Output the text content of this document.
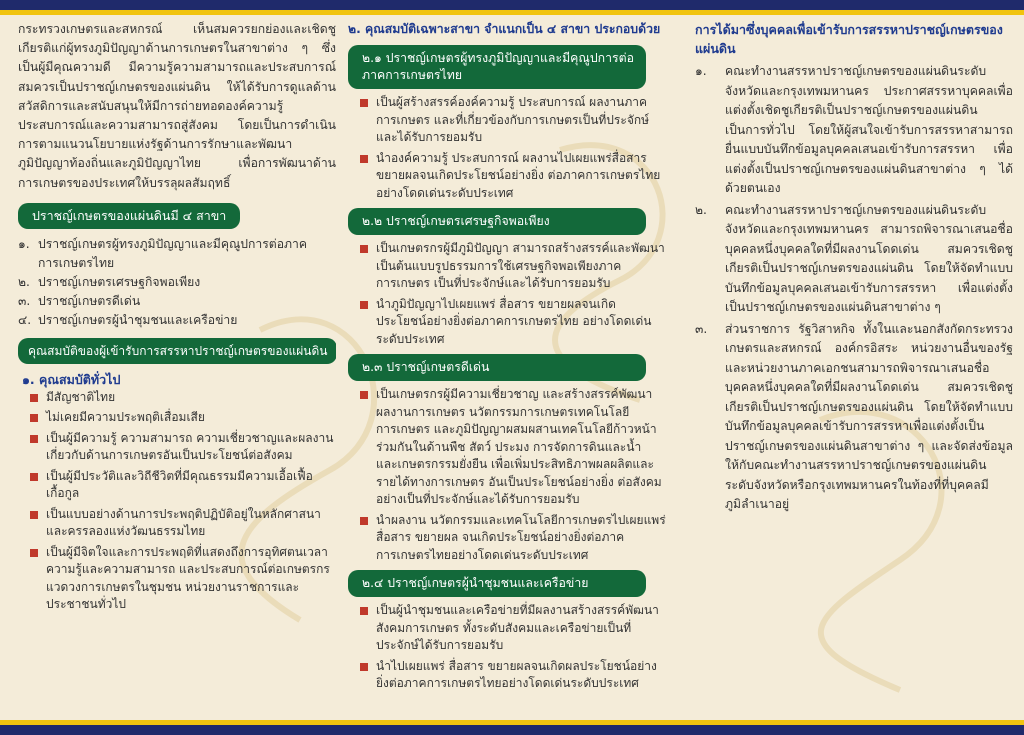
กระทรวงเกษตรและสหกรณ์ เห็นสมควรยกย่องและเชิดชูเกียรติแก่ผู้ทรงภูมิปัญญาด้านการเกษตรในสาขาต่าง ๆ ซึ่งเป็นผู้มีคุณความดี มีความรู้ความสามารถและประสบการณ์สมควรเป็นปราชญ์เกษตรของแผ่นดิน ให้ได้รับการดูแลด้านสวัสดิการและสนับสนุนให้มีการถ่ายทอดองค์ความรู้ ประสบการณ์และความสามารถสู่สังคม โดยเป็นการดำเนินการตามแนวนโยบายแห่งรัฐด้านการรักษาและพัฒนาภูมิปัญญาท้องถิ่นและภูมิปัญญาไทย เพื่อการพัฒนาด้านการเกษตรของประเทศให้บรรลุผลสัมฤทธิ์

ปราชญ์เกษตรของแผ่นดินมี ๔ สาขา
๑. ปราชญ์เกษตรผู้ทรงภูมิปัญญาและมีคุณูปการต่อภาคการเกษตรไทย
๒. ปราชญ์เกษตรเศรษฐกิจพอเพียง
๓. ปราชญ์เกษตรดีเด่น
๔. ปราชญ์เกษตรผู้นำชุมชนและเครือข่าย
คุณสมบัติของผู้เข้ารับการสรรหาปราชญ์เกษตรของแผ่นดิน
๑. คุณสมบัติทั่วไป
มีสัญชาติไทย
ไม่เคยมีความประพฤติเสื่อมเสีย
เป็นผู้มีความรู้ ความสามารถ ความเชี่ยวชาญและผลงานเกี่ยวกับด้านการเกษตรอันเป็นประโยชน์ต่อสังคม
เป็นผู้มีประวัติและวิถีชีวิตที่มีคุณธรรมมีความเอื้อเฟื้อเกื้อกูล
เป็นแบบอย่างด้านการประพฤติปฏิบัติอยู่ในหลักศาสนาและครรลองแห่งวัฒนธรรมไทย
เป็นผู้มีจิตใจและการประพฤติที่แสดงถึงการอุทิศตนเวลา ความรู้และความสามารถ และประสบการณ์ต่อเกษตรกร แวดวงการเกษตรในชุมชน หน่วยงานราชการและประชาชนทั่วไป
๒. คุณสมบัติเฉพาะสาขา จำแนกเป็น ๔ สาขา ประกอบด้วย
๒.๑ ปราชญ์เกษตรผู้ทรงภูมิปัญญาและมีคุณูปการต่อภาคการเกษตรไทย
เป็นผู้สร้างสรรค์องค์ความรู้ ประสบการณ์ ผลงานภาคการเกษตร และที่เกี่ยวข้องกับการเกษตรเป็นที่ประจักษ์และได้รับการยอมรับ
นำองค์ความรู้ ประสบการณ์ ผลงานไปเผยแพร่สื่อสาร ขยายผลจนเกิดประโยชน์อย่างยิ่ง ต่อภาคการเกษตรไทยอย่างโดดเด่นระดับประเทศ
๒.๒ ปราชญ์เกษตรเศรษฐกิจพอเพียง
เป็นเกษตรกรผู้มีภูมิปัญญา สามารถสร้างสรรค์และพัฒนาเป็นต้นแบบรูปธรรมการใช้เศรษฐกิจพอเพียงภาคการเกษตร เป็นที่ประจักษ์และได้รับการยอมรับ
นำภูมิปัญญาไปเผยแพร่ สื่อสาร ขยายผลจนเกิดประโยชน์อย่างยิ่งต่อภาคการเกษตรไทย อย่างโดดเด่นระดับประเทศ
๒.๓ ปราชญ์เกษตรดีเด่น
เป็นเกษตรกรผู้มีความเชี่ยวชาญ และสร้างสรรค์พัฒนาผลงานการเกษตร นวัตกรรมการเกษตรเทคโนโลยีการเกษตร และภูมิปัญญาผสมผสานเทคโนโลยีก้าวหน้าร่วมกันในด้านพืช สัตว์ ประมง การจัดการดินและน้ำ และเกษตรกรรมยั่งยืน เพื่อเพิ่มประสิทธิภาพผลผลิตและรายได้ทางการเกษตร อันเป็นประโยชน์อย่างยิ่ง ต่อสังคมอย่างเป็นที่ประจักษ์และได้รับการยอมรับ
นำผลงาน นวัตกรรมและเทคโนโลยีการเกษตรไปเผยแพร่ สื่อสาร ขยายผล จนเกิดประโยชน์อย่างยิ่งต่อภาคการเกษตรไทยอย่างโดดเด่นระดับประเทศ
๒.๔ ปราชญ์เกษตรผู้นำชุมชนและเครือข่าย
เป็นผู้นำชุมชนและเครือข่ายที่มีผลงานสร้างสรรค์พัฒนาสังคมการเกษตร ทั้งระดับสังคมและเครือข่ายเป็นที่ประจักษ์ได้รับการยอมรับ
นำไปเผยแพร่ สื่อสาร ขยายผลจนเกิดผลประโยชน์อย่างยิ่งต่อภาคการเกษตรไทยอย่างโดดเด่นระดับประเทศ
การได้มาซึ่งบุคคลเพื่อเข้ารับการสรรหาปราชญ์เกษตรของแผ่นดิน
๑.	คณะทำงานสรรหาปราชญ์เกษตรของแผ่นดินระดับจังหวัดและกรุงเทพมหานคร ประกาศสรรหาบุคคลเพื่อแต่งตั้งเชิดชูเกียรติเป็นปราชญ์เกษตรของแผ่นดินเป็นการทั่วไป โดยให้ผู้สนใจเข้ารับการสรรหาสามารถยื่นแบบบันทึกข้อมูลบุคคลเสนอเข้ารับการสรรหา เพื่อแต่งตั้งเป็นปราชญ์เกษตรของแผ่นดินสาขาต่าง ๆ ได้ด้วยตนเอง
๒.	คณะทำงานสรรหาปราชญ์เกษตรของแผ่นดินระดับจังหวัดและกรุงเทพมหานคร สามารถพิจารณาเสนอชื่อบุคคลหนึ่งบุคคลใดที่มีผลงานโดดเด่น สมควรเชิดชูเกียรติเป็นปราชญ์เกษตรของแผ่นดิน โดยให้จัดทำแบบบันทึกข้อมูลบุคคลเสนอเข้ารับการสรรหา เพื่อแต่งตั้งเป็นปราชญ์เกษตรของแผ่นดินสาขาต่าง ๆ
๓.	ส่วนราชการ รัฐวิสาหกิจ ทั้งในและนอกสังกัดกระทรวงเกษตรและสหกรณ์ องค์กรอิสระ หน่วยงานอื่นของรัฐ และหน่วยงานภาคเอกชนสามารถพิจารณาเสนอชื่อบุคคลหนึ่งบุคคลใดที่มีผลงานโดดเด่น สมควรเชิดชูเกียรติเป็นปราชญ์เกษตรของแผ่นดิน โดยให้จัดทำแบบบันทึกข้อมูลบุคคลเข้ารับการสรรหาเพื่อแต่งตั้งเป็นปราชญ์เกษตรของแผ่นดินสาขาต่าง ๆ และจัดส่งข้อมูลให้กับคณะทำงานสรรหาปราชญ์เกษตรของแผ่นดินระดับจังหวัดหรือกรุงเทพมหานครในท้องที่ที่บุคคลมีภูมิลำเนาอยู่
